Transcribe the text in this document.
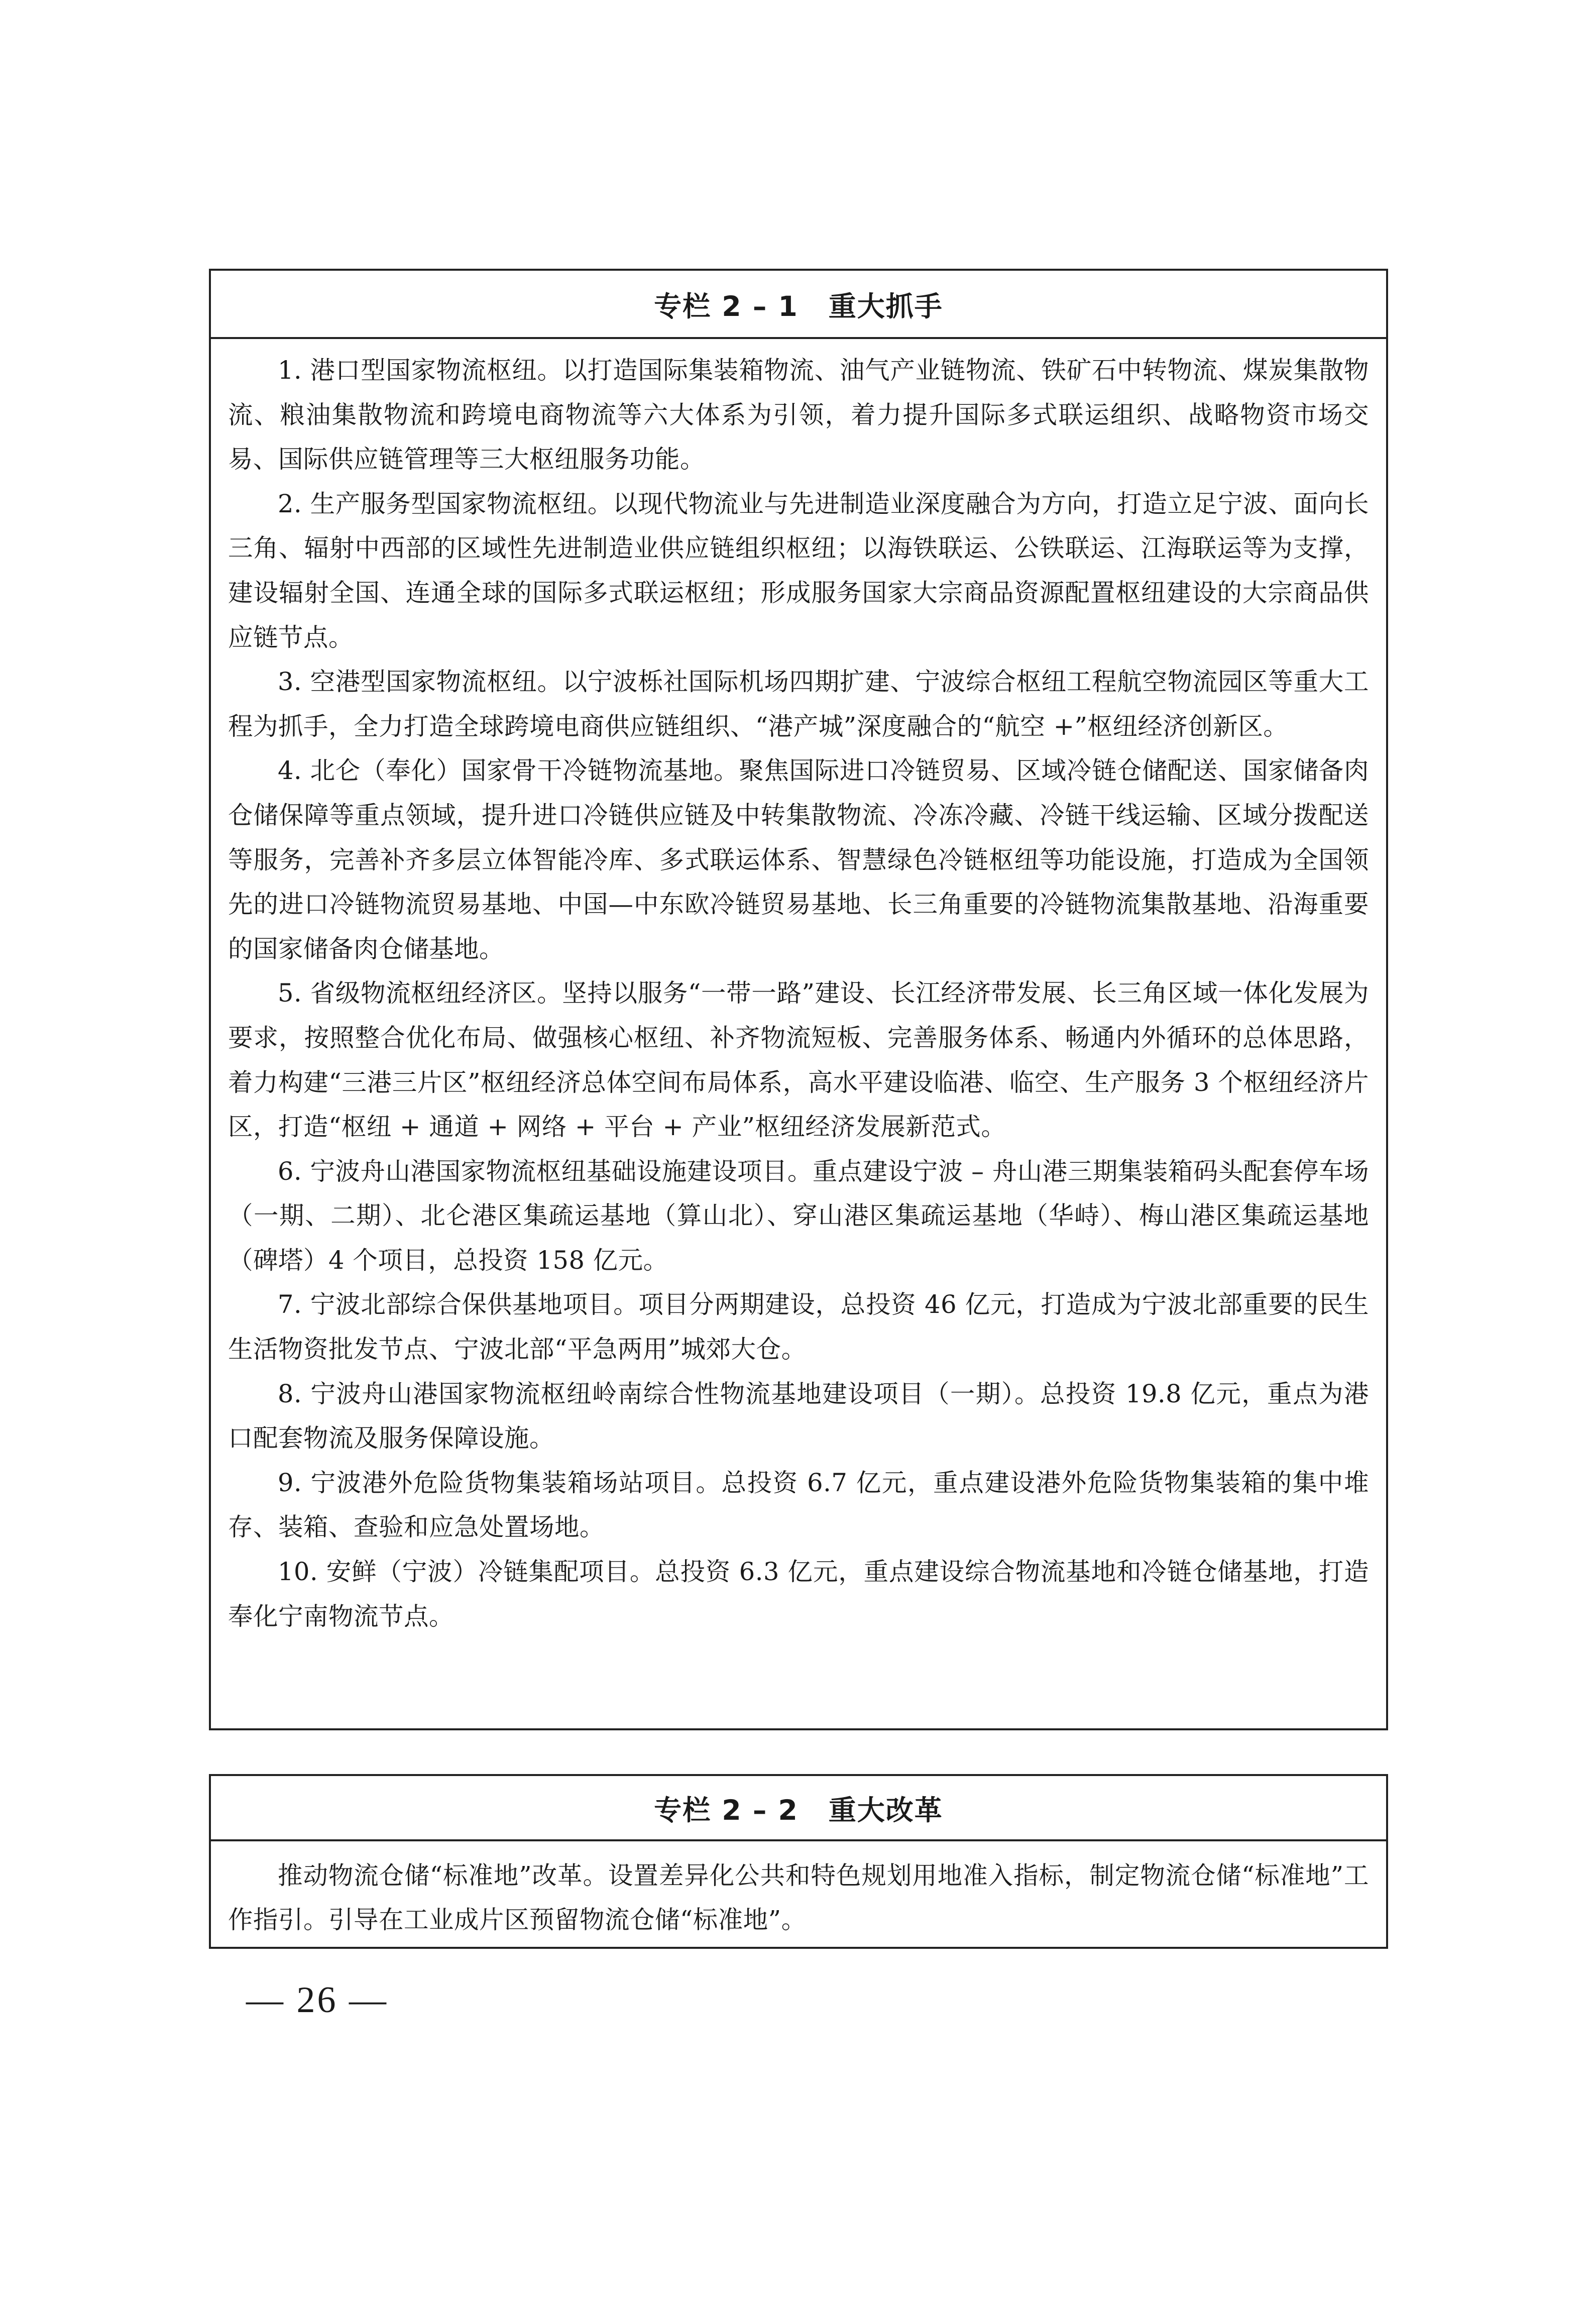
专栏 2 – 1 重大抓手

1. 港口型国家物流枢纽。以打造国际集装箱物流、油气产业链物流、铁矿石中转物流、煤炭集散物流、粮油集散物流和跨境电商物流等六大体系为引领，着力提升国际多式联运组织、战略物资市场交易、国际供应链管理等三大枢纽服务功能。

2. 生产服务型国家物流枢纽。以现代物流业与先进制造业深度融合为方向，打造立足宁波、面向长三角、辐射中西部的区域性先进制造业供应链组织枢纽；以海铁联运、公铁联运、江海联运等为支撑，建设辐射全国、连通全球的国际多式联运枢纽；形成服务国家大宗商品资源配置枢纽建设的大宗商品供应链节点。

3. 空港型国家物流枢纽。以宁波栎社国际机场四期扩建、宁波综合枢纽工程航空物流园区等重大工程为抓手，全力打造全球跨境电商供应链组织、“港产城”深度融合的“航空 +”枢纽经济创新区。

4. 北仑（奉化）国家骨干冷链物流基地。聚焦国际进口冷链贸易、区域冷链仓储配送、国家储备肉仓储保障等重点领域，提升进口冷链供应链及中转集散物流、冷冻冷藏、冷链干线运输、区域分拨配送等服务，完善补齐多层立体智能冷库、多式联运体系、智慧绿色冷链枢纽等功能设施，打造成为全国领先的进口冷链物流贸易基地、中国—中东欧冷链贸易基地、长三角重要的冷链物流集散基地、沿海重要的国家储备肉仓储基地。

5. 省级物流枢纽经济区。坚持以服务“一带一路”建设、长江经济带发展、长三角区域一体化发展为要求，按照整合优化布局、做强核心枢纽、补齐物流短板、完善服务体系、畅通内外循环的总体思路，着力构建“三港三片区”枢纽经济总体空间布局体系，高水平建设临港、临空、生产服务 3 个枢纽经济片区，打造“枢纽 + 通道 + 网络 + 平台 + 产业”枢纽经济发展新范式。

6. 宁波舟山港国家物流枢纽基础设施建设项目。重点建设宁波 – 舟山港三期集装箱码头配套停车场（一期、二期）、北仑港区集疏运基地（算山北）、穿山港区集疏运基地（华峙）、梅山港区集疏运基地（碑塔）4 个项目，总投资 158 亿元。

7. 宁波北部综合保供基地项目。项目分两期建设，总投资 46 亿元，打造成为宁波北部重要的民生生活物资批发节点、宁波北部“平急两用”城郊大仓。

8. 宁波舟山港国家物流枢纽岭南综合性物流基地建设项目（一期）。总投资 19.8 亿元，重点为港口配套物流及服务保障设施。

9. 宁波港外危险货物集装箱场站项目。总投资 6.7 亿元，重点建设港外危险货物集装箱的集中堆存、装箱、查验和应急处置场地。

10. 安鲜（宁波）冷链集配项目。总投资 6.3 亿元，重点建设综合物流基地和冷链仓储基地，打造奉化宁南物流节点。

专栏 2 – 2 重大改革

推动物流仓储“标准地”改革。设置差异化公共和特色规划用地准入指标，制定物流仓储“标准地”工作指引。引导在工业成片区预留物流仓储“标准地”。

— 26 —
